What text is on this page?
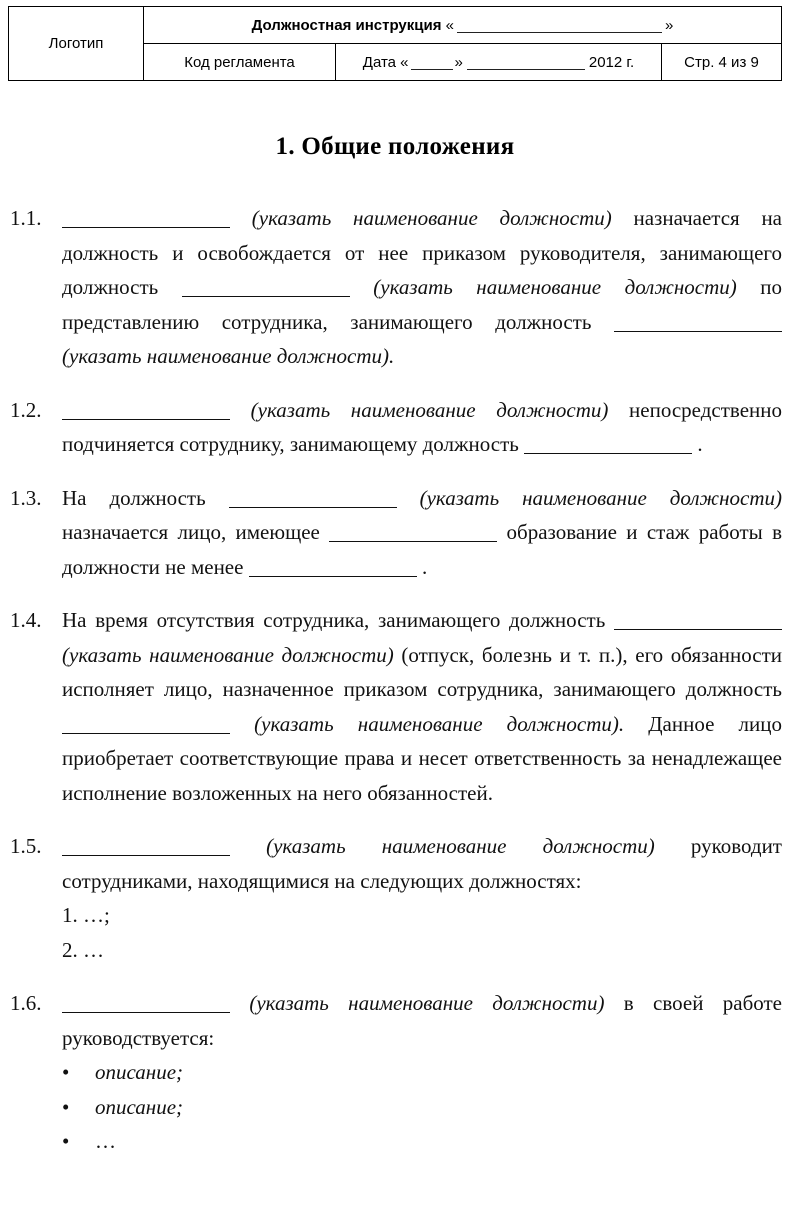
Логотип	Должностная инструкция « »		
	Код регламента	Дата « » 2012 г.	Стр. 4 из 9
1. Общие положения
1.1.	(указать наименование должности) назначается на должность и освобождается от нее приказом руководителя, занимающего должность	(указать наименование должности) по представлению сотрудника, занимающего должность  (указать наименование должности).
1.2.	(указать наименование должности) непосредственно подчиняется сотруднику, занимающему должность	.
1.3. На должность	(указать наименование должности) назначается лицо, имеющее	образование и стаж работы в должности не менее	.
1.4. На время отсутствия сотрудника, занимающего должность  (указать наименование должности) (отпуск, болезнь и т. п.), его обязанности исполняет лицо, назначенное приказом сотрудника, занимающего должность  (указать наименование должности). Данное лицо приобретает соответствующие права и несет ответственность за ненадлежащее исполнение возложенных на него обязанностей.
1.5.	(указать наименование должности) руководит сотрудниками, находящимися на следующих должностях:
1. …;
2. …
1.6.	(указать наименование должности) в своей работе руководствуется:
•	описание;
•	описание;
•	…
